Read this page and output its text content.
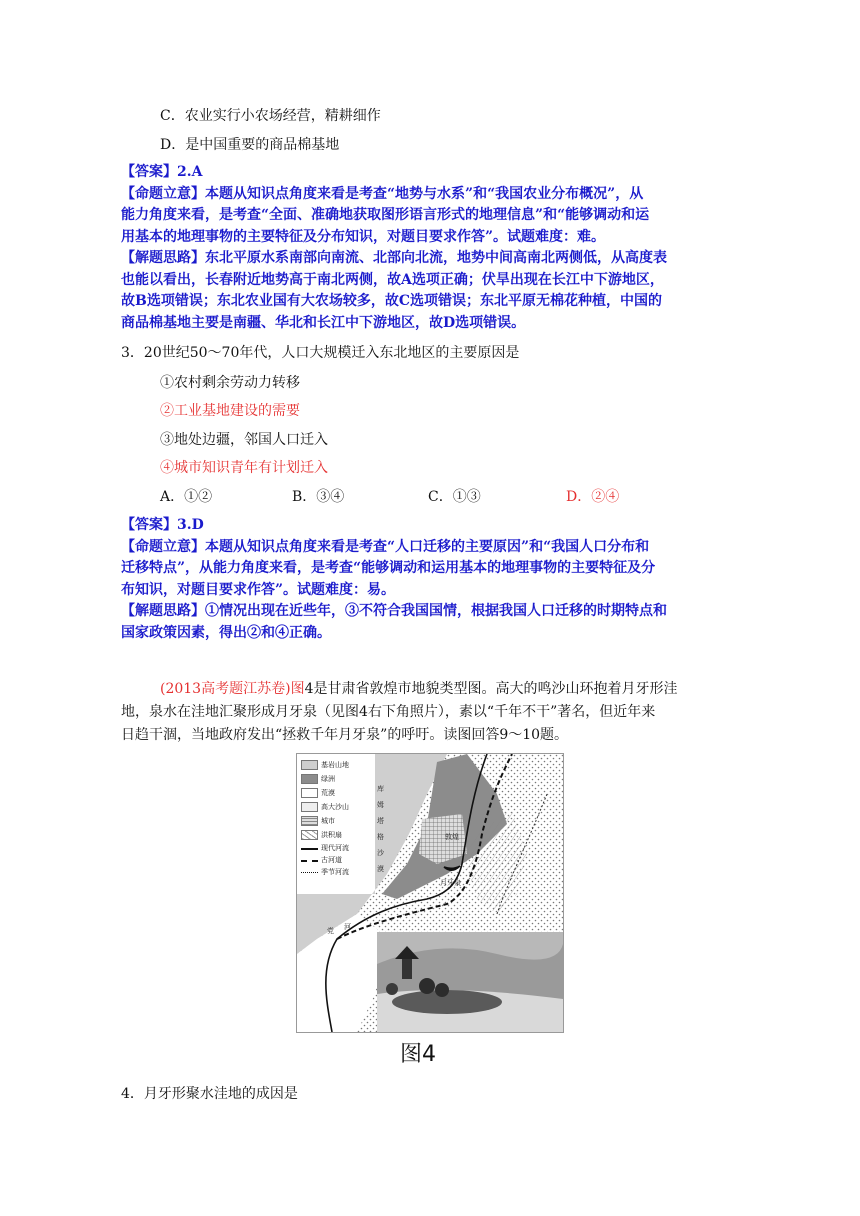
C．农业实行小农场经营，精耕细作
D．是中国重要的商品棉基地

【答案】2.A

【命题立意】本题从知识点角度来看是考查“地势与水系”和“我国农业分布概况”，从

能力角度来看，是考查“全面、准确地获取图形语言形式的地理信息”和“能够调动和运

用基本的地理事物的主要特征及分布知识，对题目要求作答”。试题难度：难。

【解题思路】东北平原水系南部向南流、北部向北流，地势中间高南北两侧低，从高度表

也能以看出，长春附近地势高于南北两侧，故A选项正确；伏旱出现在长江中下游地区，

故B选项错误；东北农业国有大农场较多，故C选项错误；东北平原无棉花种植，中国的

商品棉基地主要是南疆、华北和长江中下游地区，故D选项错误。

3．20世纪50～70年代，人口大规模迁入东北地区的主要原因是
①农村剩余劳动力转移
②工业基地建设的需要
③地处边疆，邻国人口迁入
④城市知识青年有计划迁入
A．①②	B．③④	C．①③	D．②④

【答案】3.D

【命题立意】本题从知识点角度来看是考查“人口迁移的主要原因”和“我国人口分布和

迁移特点”，从能力角度来看，是考查“能够调动和运用基本的地理事物的主要特征及分

布知识，对题目要求作答”。试题难度：易。

【解题思路】①情况出现在近些年，③不符合我国国情，根据我国人口迁移的时期特点和

国家政策因素，得出②和④正确。

(2013高考题江苏卷)图4是甘肃省敦煌市地貌类型图。高大的鸣沙山环抱着月牙形洼
地，泉水在洼地汇聚形成月牙泉（见图4右下角照片），素以“千年不干”著名，但近年来
日趋干涸，当地政府发出“拯救千年月牙泉”的呼吁。读图回答9～10题。
基岩山地
绿洲
荒漠
高大沙山
城市
洪积扇
现代河流
古河道
季节河流
库
姆
塔
格
沙
漠
敦煌
月牙泉
河
党
图4
4．月牙形聚水洼地的成因是
